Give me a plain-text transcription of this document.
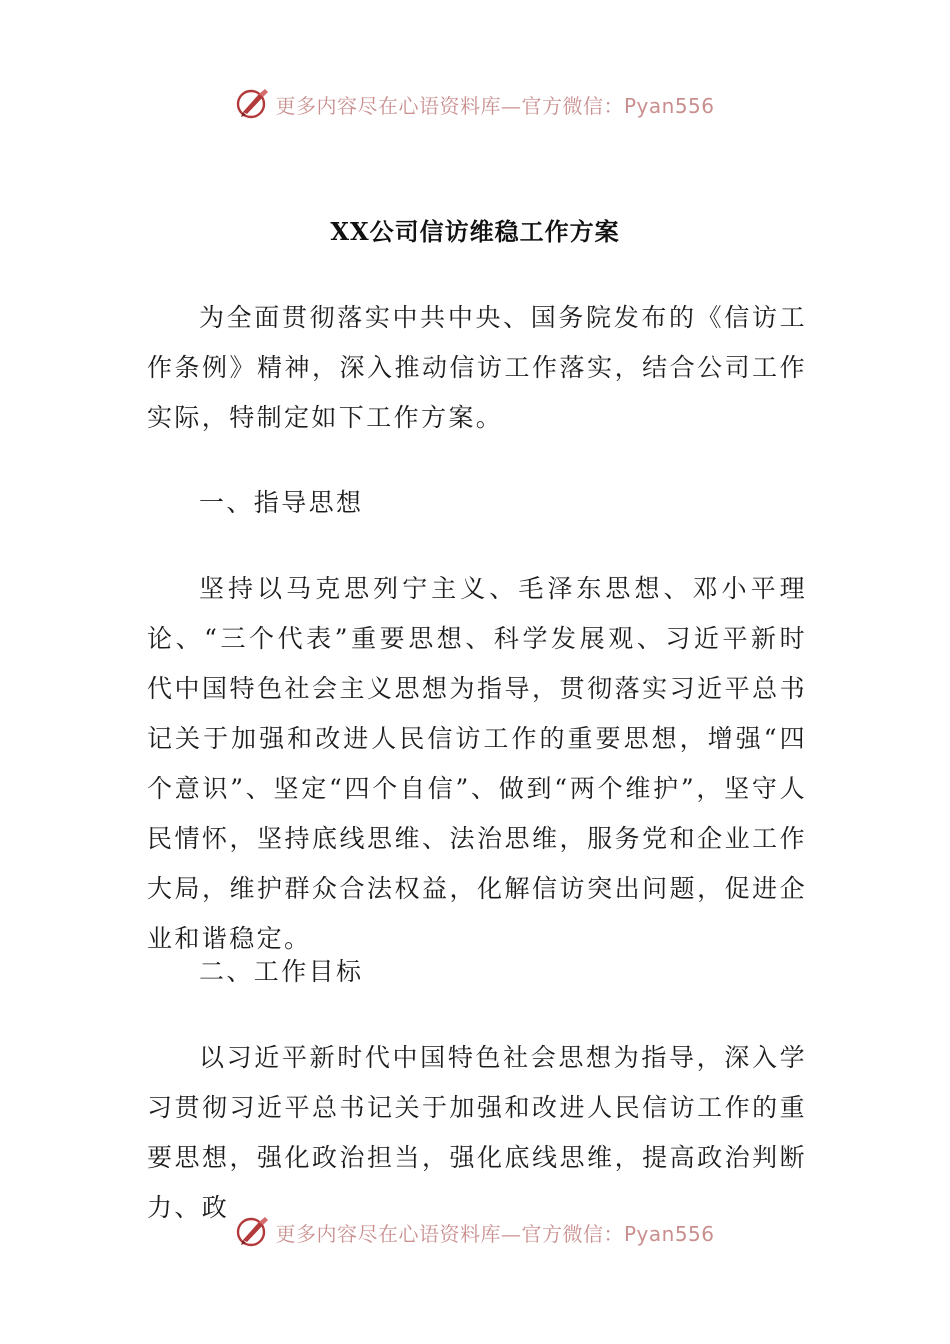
更多内容尽在心语资料库—官方微信：Pyan556
XX公司信访维稳工作方案
为全面贯彻落实中共中央、国务院发布的《信访工作条例》精神，深入推动信访工作落实，结合公司工作实际，特制定如下工作方案。
一、指导思想
坚持以马克思列宁主义、毛泽东思想、邓小平理论、“三个代表”重要思想、科学发展观、习近平新时代中国特色社会主义思想为指导，贯彻落实习近平总书记关于加强和改进人民信访工作的重要思想，增强“四个意识”、坚定“四个自信”、做到“两个维护”，坚守人民情怀，坚持底线思维、法治思维，服务党和企业工作大局，维护群众合法权益，化解信访突出问题，促进企业和谐稳定。
二、工作目标
以习近平新时代中国特色社会思想为指导，深入学习贯彻习近平总书记关于加强和改进人民信访工作的重要思想，强化政治担当，强化底线思维，提高政治判断力、政
更多内容尽在心语资料库—官方微信：Pyan556
